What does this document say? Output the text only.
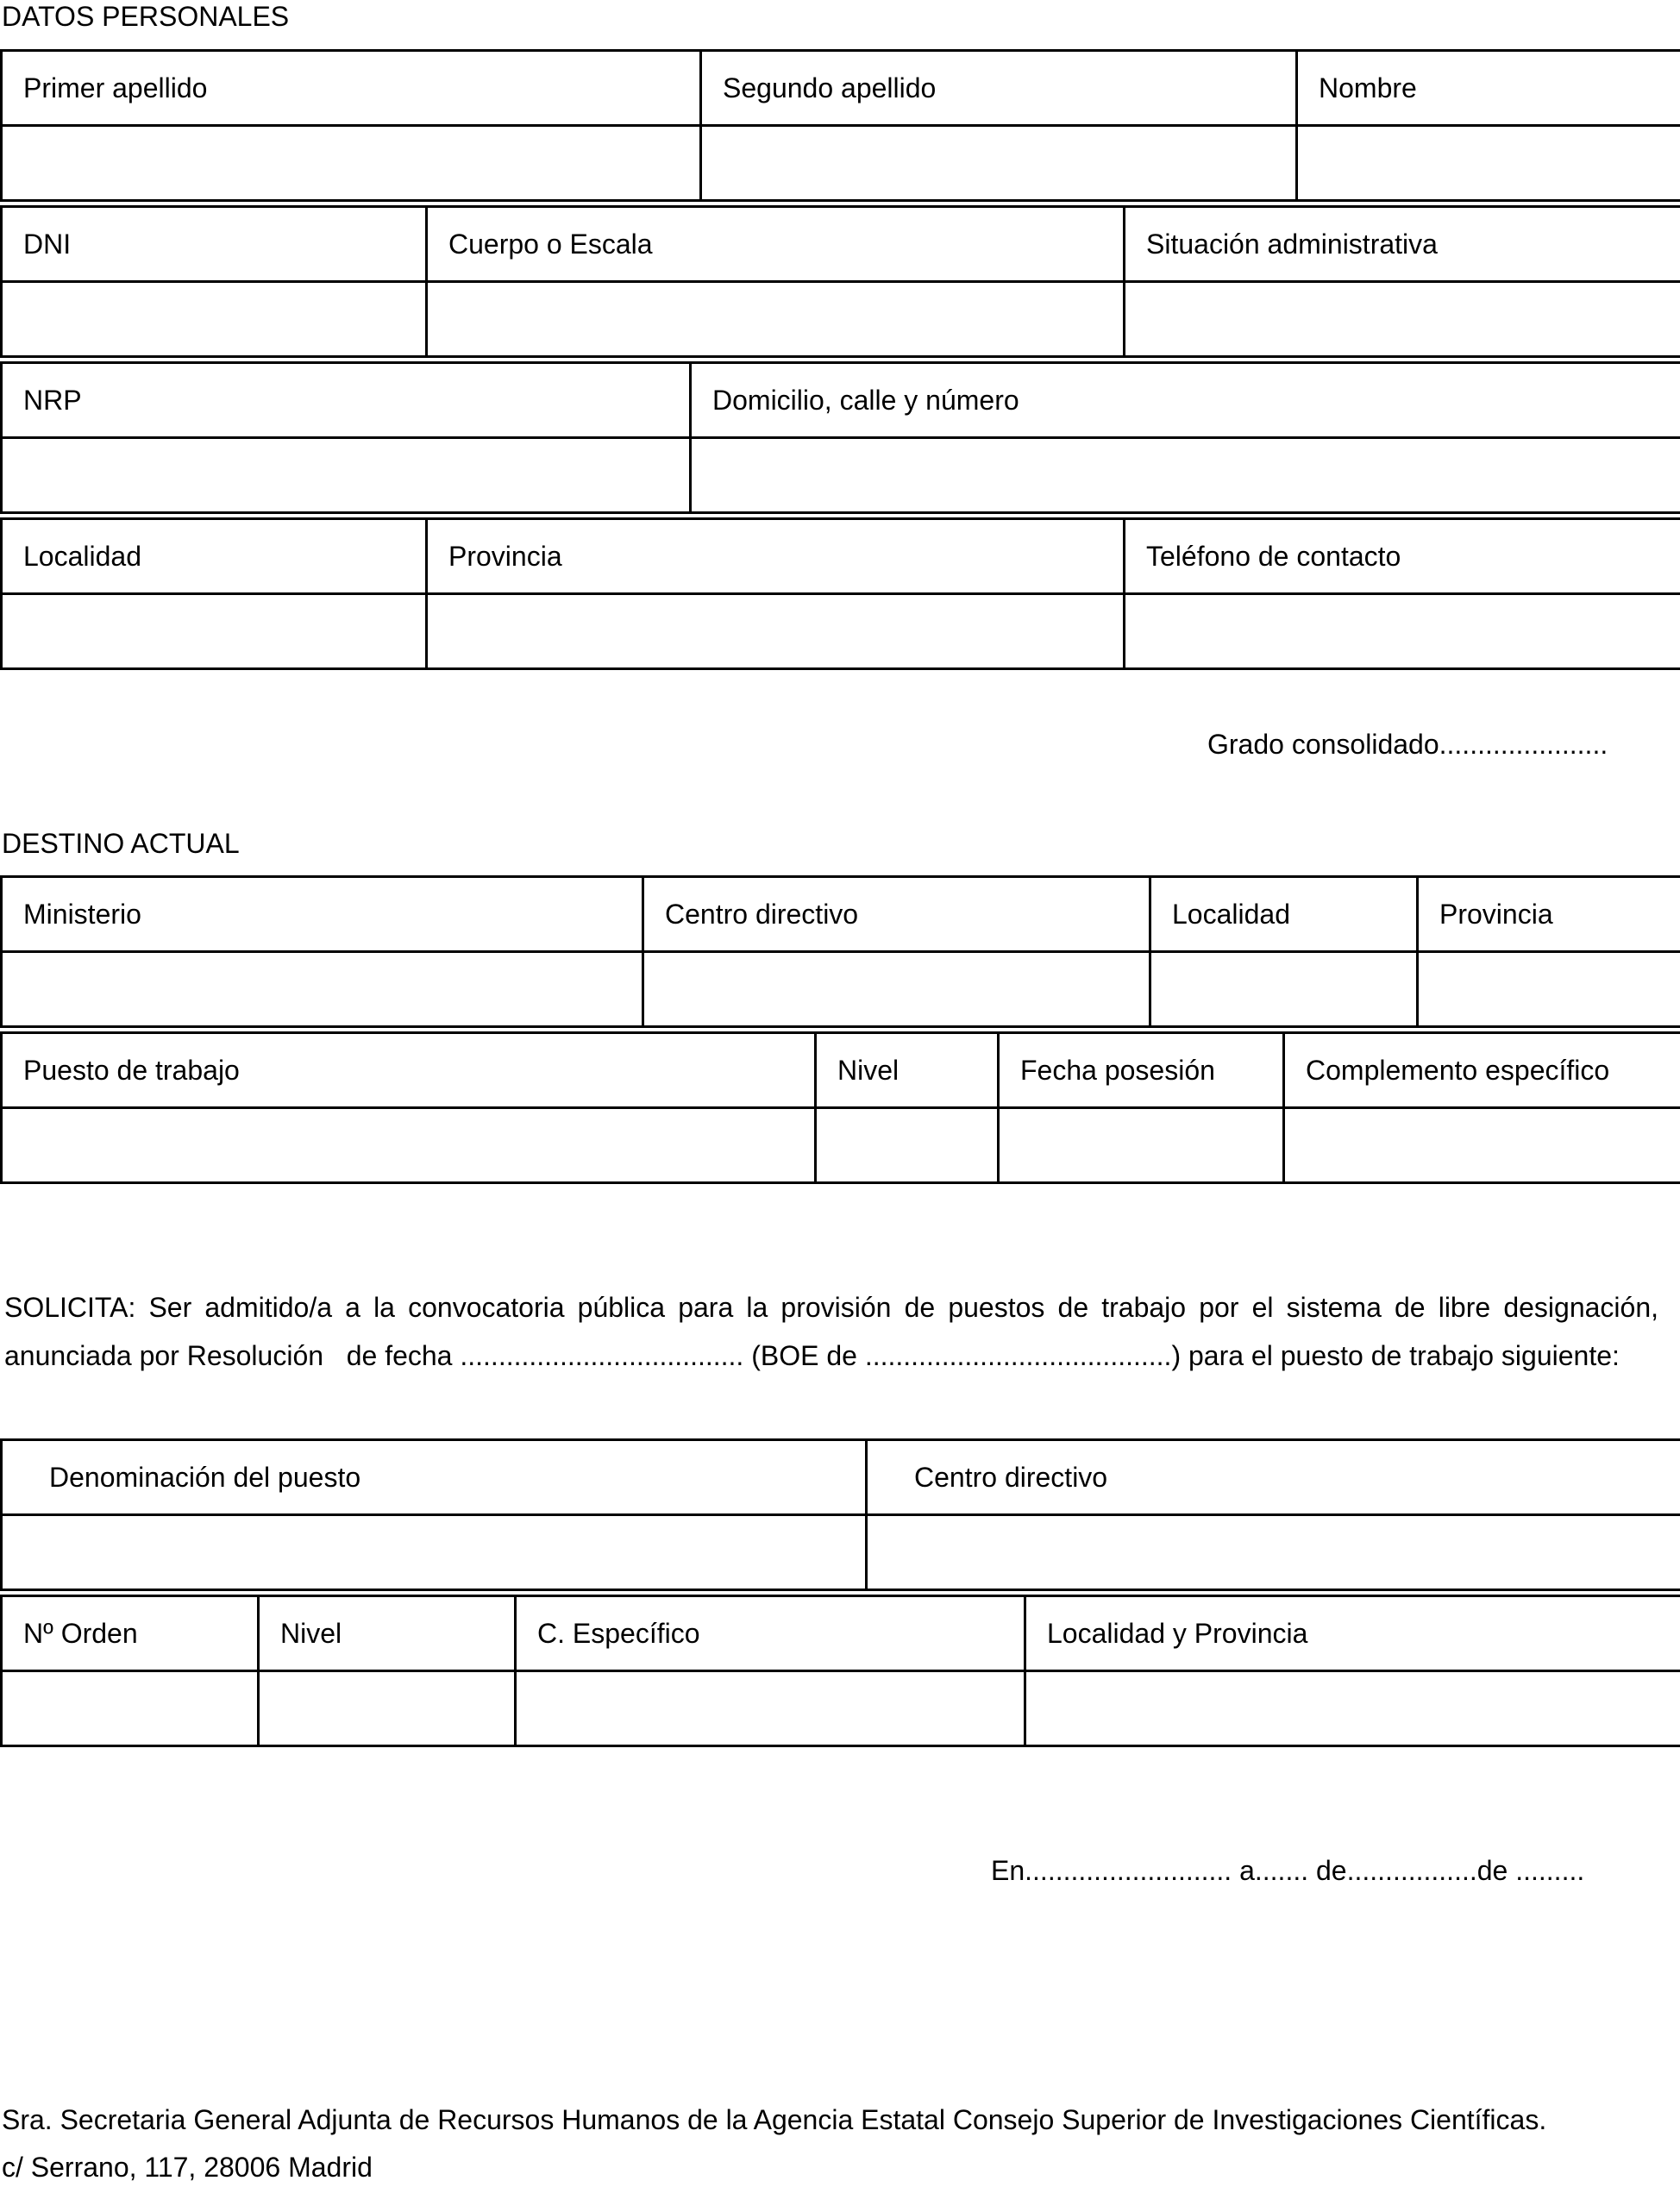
DATOS PERSONALES
Primer apellido	Segundo apellido	Nombre

DNI	Cuerpo o Escala	Situación administrativa

NRP	Domicilio, calle y número

Localidad	Provincia	Teléfono de contacto

Grado consolidado......................
DESTINO ACTUAL
Ministerio	Centro directivo	Localidad	Provincia

Puesto de trabajo	Nivel	Fecha posesión	Complemento específico

SOLICITA: Ser admitido/a a la convocatoria pública para la provisión de puestos de trabajo por el sistema de libre designación,
anunciada por Resolución   de fecha ..................................... (BOE de ........................................) para el puesto de trabajo siguiente:
Denominación del puesto	Centro directivo

Nº Orden	Nivel	C. Específico	Localidad y Provincia

En........................... a....... de.................de .........
Sra. Secretaria General Adjunta de Recursos Humanos de la Agencia Estatal Consejo Superior de Investigaciones Científicas.
c/ Serrano, 117, 28006 Madrid
